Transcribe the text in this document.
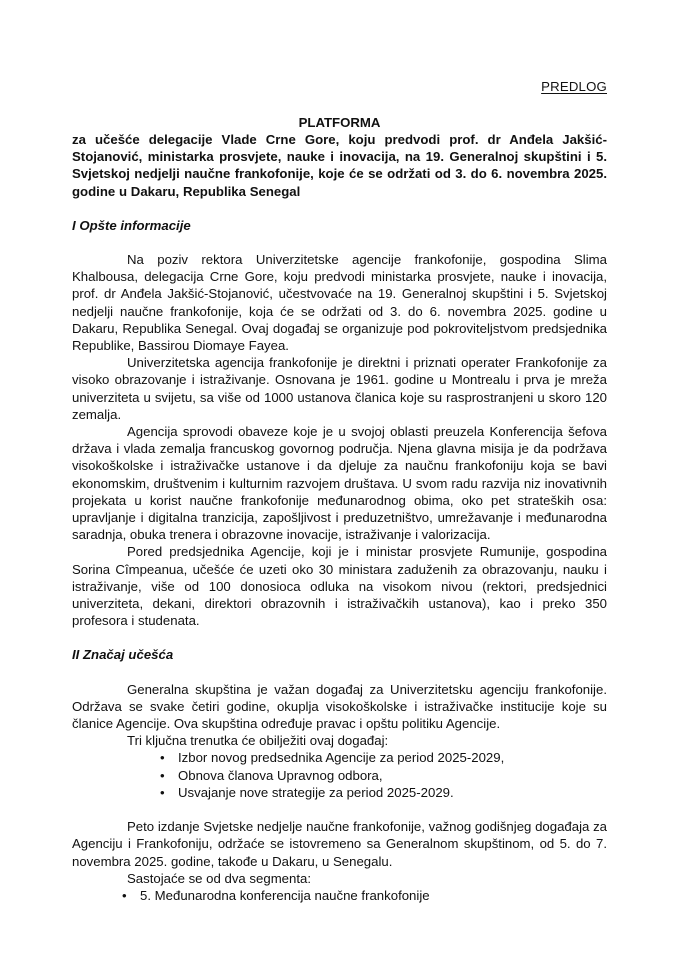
PREDLOG
PLATFORMA
za učešće delegacije Vlade Crne Gore, koju predvodi prof. dr Anđela Jakšić-Stojanović, ministarka prosvjete, nauke i inovacija, na 19. Generalnoj skupštini i 5. Svjetskoj nedjelji naučne frankofonije, koje će se održati od 3. do 6. novembra 2025. godine u Dakaru, Republika Senegal
I Opšte informacije

Na poziv rektora Univerzitetske agencije frankofonije, gospodina Slima Khalbousa, delegacija Crne Gore, koju predvodi ministarka prosvjete, nauke i inovacija, prof. dr Anđela Jakšić-Stojanović, učestvovaće na 19. Generalnoj skupštini i 5. Svjetskoj nedjelji naučne frankofonije, koja će se održati od 3. do 6. novembra 2025. godine u Dakaru, Republika Senegal. Ovaj događaj se organizuje pod pokroviteljstvom predsjednika Republike, Bassirou Diomaye Fayea.

Univerzitetska agencija frankofonije je direktni i priznati operater Frankofonije za visoko obrazovanje i istraživanje. Osnovana je 1961. godine u Montrealu i prva je mreža univerziteta u svijetu, sa više od 1000 ustanova članica koje su rasprostranjeni u skoro 120 zemalja.

Agencija sprovodi obaveze koje je u svojoj oblasti preuzela Konferencija šefova država i vlada zemalja francuskog govornog područja. Njena glavna misija je da podržava visokoškolske i istraživačke ustanove i da djeluje za naučnu frankofoniju koja se bavi ekonomskim, društvenim i kulturnim razvojem društava. U svom radu razvija niz inovativnih projekata u korist naučne frankofonije međunarodnog obima, oko pet strateških osa: upravljanje i digitalna tranzicija, zapošljivost i preduzetništvo, umrežavanje i međunarodna saradnja, obuka trenera i obrazovne inovacije, istraživanje i valorizacija.

Pored predsjednika Agencije, koji je i ministar prosvjete Rumunije, gospodina Sorina Cîmpeanua, učešće će uzeti oko 30 ministara zaduženih za obrazovanju, nauku i istraživanje, više od 100 donosioca odluka na visokom nivou (rektori, predsjednici univerziteta, dekani, direktori obrazovnih i istraživačkih ustanova), kao i preko 350 profesora i studenata.

II Značaj učešća

Generalna skupština je važan događaj za Univerzitetsku agenciju frankofonije. Održava se svake četiri godine, okuplja visokoškolske i istraživačke institucije koje su članice Agencije. Ova skupština određuje pravac i opštu politiku Agencije.

Tri ključna trenutka će obilježiti ovaj događaj:

• Izbor novog predsednika Agencije za period 2025-2029,
• Obnova članova Upravnog odbora,
• Usvajanje nove strategije za period 2025-2029.

Peto izdanje Svjetske nedjelje naučne frankofonije, važnog godišnjeg događaja za Agenciju i Frankofoniju, održaće se istovremeno sa Generalnom skupštinom, od 5. do 7. novembra 2025. godine, takođe u Dakaru, u Senegalu.

Sastojaće se od dva segmenta:

• 5. Međunarodna konferencija naučne frankofonije
